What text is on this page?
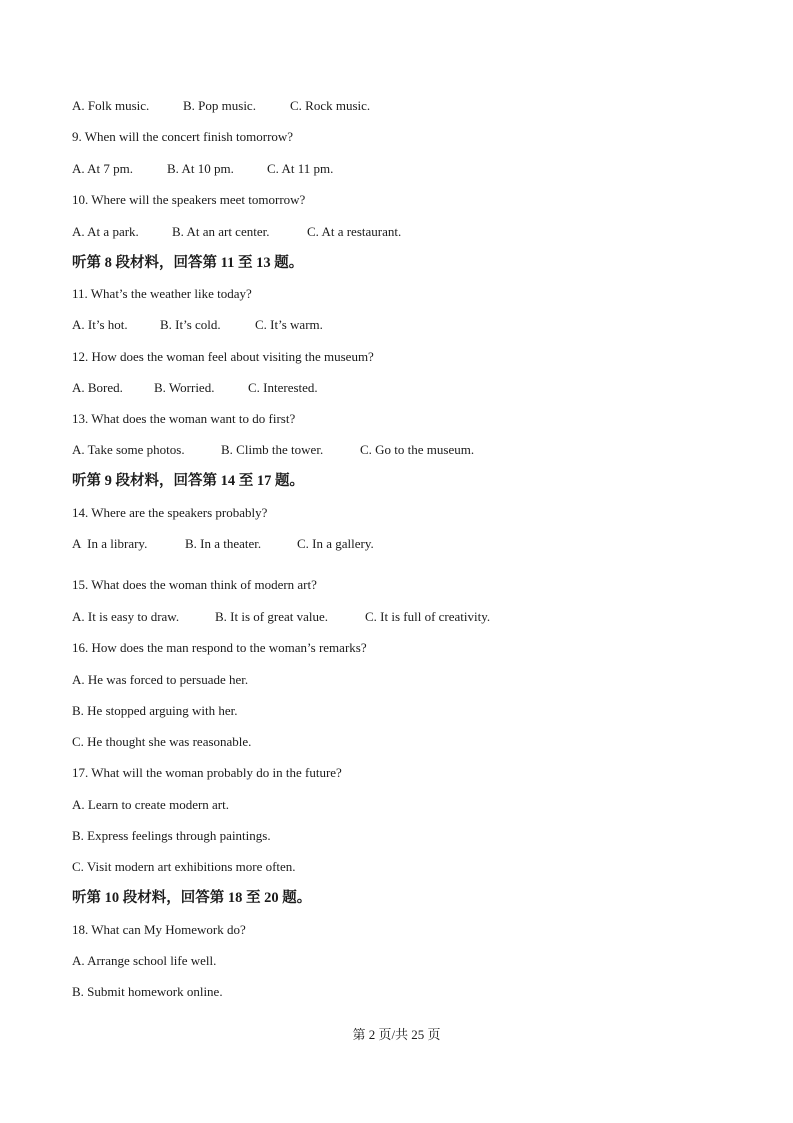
A. Folk music.	B. Pop music.	C. Rock music.
9. When will the concert finish tomorrow?
A. At 7 pm.	B. At 10 pm.	C. At 11 pm.
10. Where will the speakers meet tomorrow?
A. At a park.	B. At an art center.	C. At a restaurant.
听第 8 段材料，回答第 11 至 13 题。
11. What’s the weather like today?
A. It’s hot.	B. It’s cold.	C. It’s warm.
12. How does the woman feel about visiting the museum?
A. Bored.	B. Worried.	C. Interested.
13. What does the woman want to do first?
A. Take some photos.	B. Climb the tower.	C. Go to the museum.
听第 9 段材料，回答第 14 至 17 题。
14. Where are the speakers probably?
A  In a library.	B. In a theater.	C. In a gallery.
15. What does the woman think of modern art?
A. It is easy to draw.	B. It is of great value.	C. It is full of creativity.
16. How does the man respond to the woman’s remarks?
A. He was forced to persuade her.
B. He stopped arguing with her.
C. He thought she was reasonable.
17. What will the woman probably do in the future?
A. Learn to create modern art.
B. Express feelings through paintings.
C. Visit modern art exhibitions more often.
听第 10 段材料，回答第 18 至 20 题。
18. What can My Homework do?
A. Arrange school life well.
B. Submit homework online.
第 2 页/共 25 页
